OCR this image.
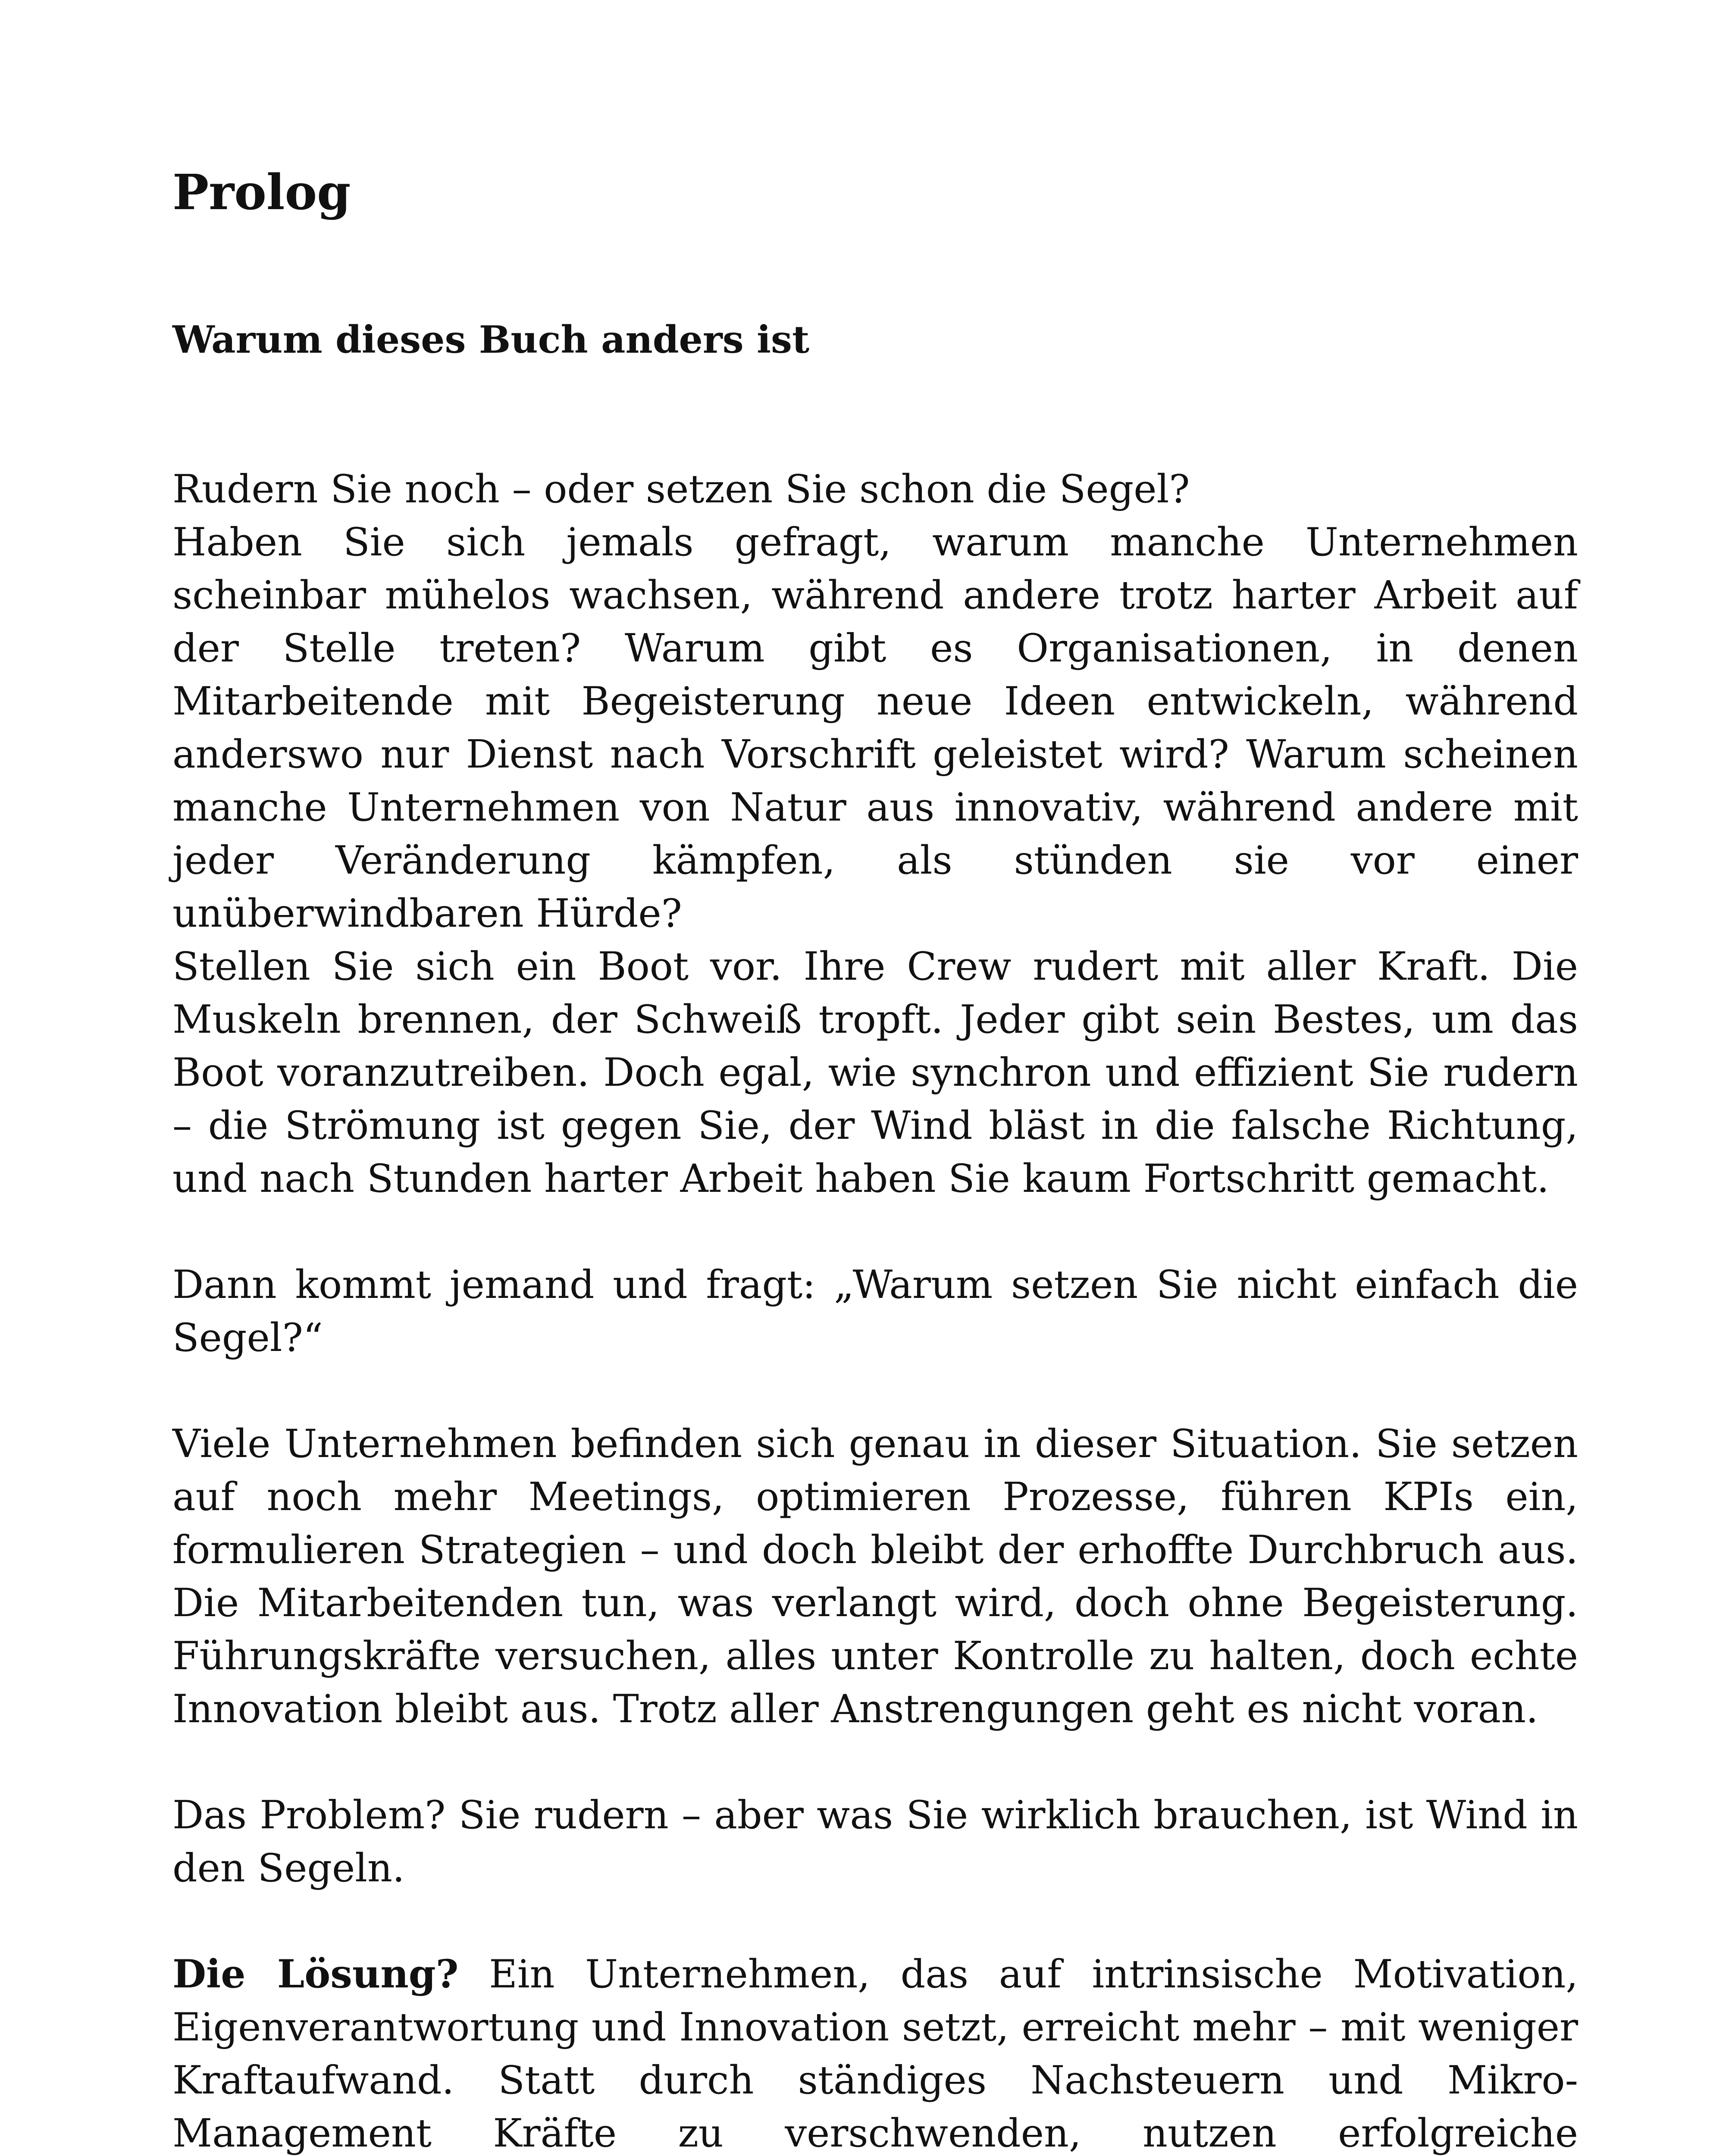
Prolog
Warum dieses Buch anders ist

Rudern Sie noch – oder setzen Sie schon die Segel?

Haben Sie sich jemals gefragt, warum manche Unternehmen scheinbar mühelos wachsen, während andere trotz harter Arbeit auf der Stelle treten? Warum gibt es Organisationen, in denen Mitarbeitende mit Begeisterung neue Ideen entwickeln, während anderswo nur Dienst nach Vorschrift geleistet wird? Warum scheinen manche Unternehmen von Natur aus innovativ, während andere mit jeder Veränderung kämpfen, als stünden sie vor einer unüberwindbaren Hürde?

Stellen Sie sich ein Boot vor. Ihre Crew rudert mit aller Kraft. Die Muskeln brennen, der Schweiß tropft. Jeder gibt sein Bestes, um das Boot voranzutreiben. Doch egal, wie synchron und effizient Sie rudern – die Strömung ist gegen Sie, der Wind bläst in die falsche Richtung, und nach Stunden harter Arbeit haben Sie kaum Fortschritt gemacht.

Dann kommt jemand und fragt: „Warum setzen Sie nicht einfach die Segel?“

Viele Unternehmen befinden sich genau in dieser Situation. Sie setzen auf noch mehr Meetings, optimieren Prozesse, führen KPIs ein, formulieren Strategien – und doch bleibt der erhoffte Durchbruch aus. Die Mitarbeitenden tun, was verlangt wird, doch ohne Begeisterung. Führungskräfte versuchen, alles unter Kontrolle zu halten, doch echte Innovation bleibt aus. Trotz aller Anstrengungen geht es nicht voran.

Das Problem? Sie rudern – aber was Sie wirklich brauchen, ist Wind in den Segeln.

Die Lösung? Ein Unternehmen, das auf intrinsische Motivation, Eigenverantwortung und Innovation setzt, erreicht mehr – mit weniger Kraftaufwand. Statt durch ständiges Nachsteuern und Mikro-Management Kräfte zu verschwenden, nutzen erfolgreiche
